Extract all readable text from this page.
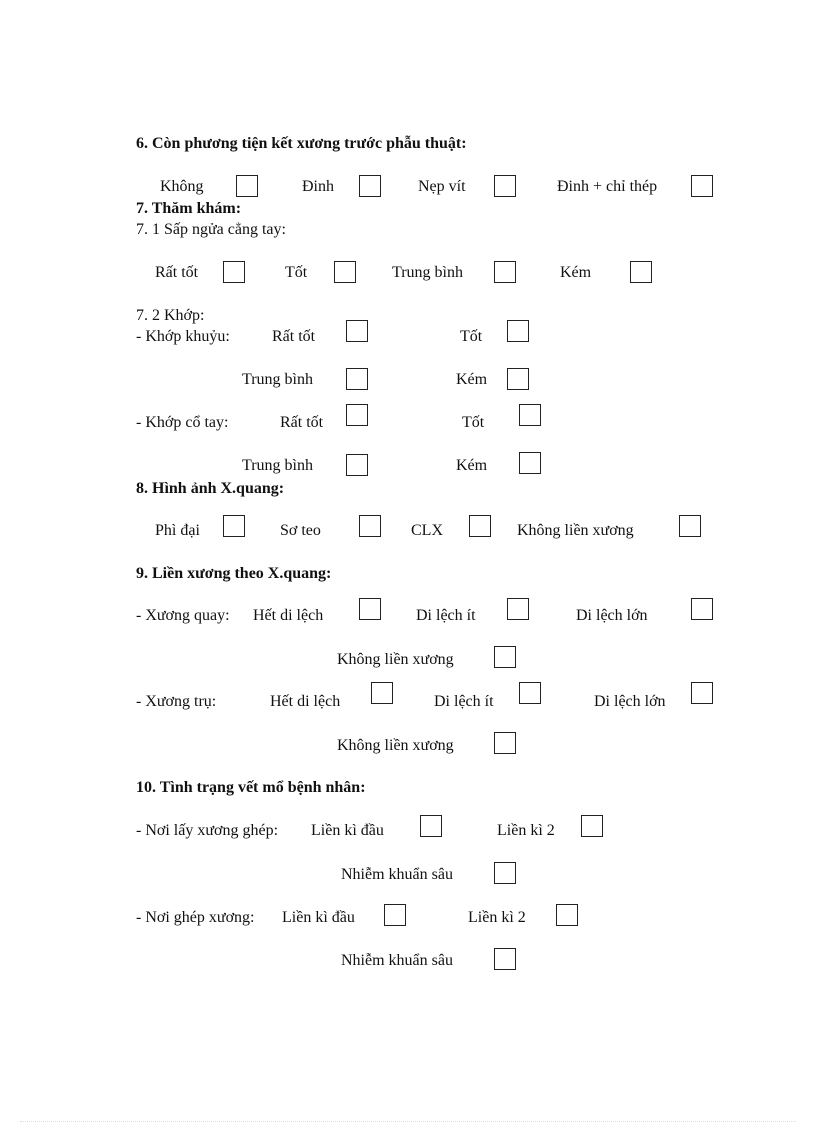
6. Còn phương tiện kết xương trước phẫu thuật:
Không	Đinh	Nẹp vít	Đinh + chỉ thép
7. Thăm khám:
7. 1 Sấp ngửa cẳng tay:
Rất tốt	Tốt	Trung bình	Kém
7. 2 Khớp:
- Khớp khuỷu:	Rất tốt	Tốt
Trung bình	Kém
- Khớp cổ tay:	Rất tốt	Tốt
Trung bình	Kém
8. Hình ảnh X.quang:
Phì đại	Sơ teo	CLX	Không liền xương
9. Liền xương theo X.quang:
- Xương quay: Hết di lệch	Di lệch ít	Di lệch lớn
Không liền xương
- Xương trụ:	Hết di lệch	Di lệch ít	Di lệch lớn
Không liền xương
10. Tình trạng vết mổ bệnh nhân:
- Nơi lấy xương ghép: Liền kì đầu	Liền kì 2
Nhiễm khuẩn sâu
- Nơi ghép xương: Liền kì đầu	Liền kì 2
Nhiễm khuẩn sâu
